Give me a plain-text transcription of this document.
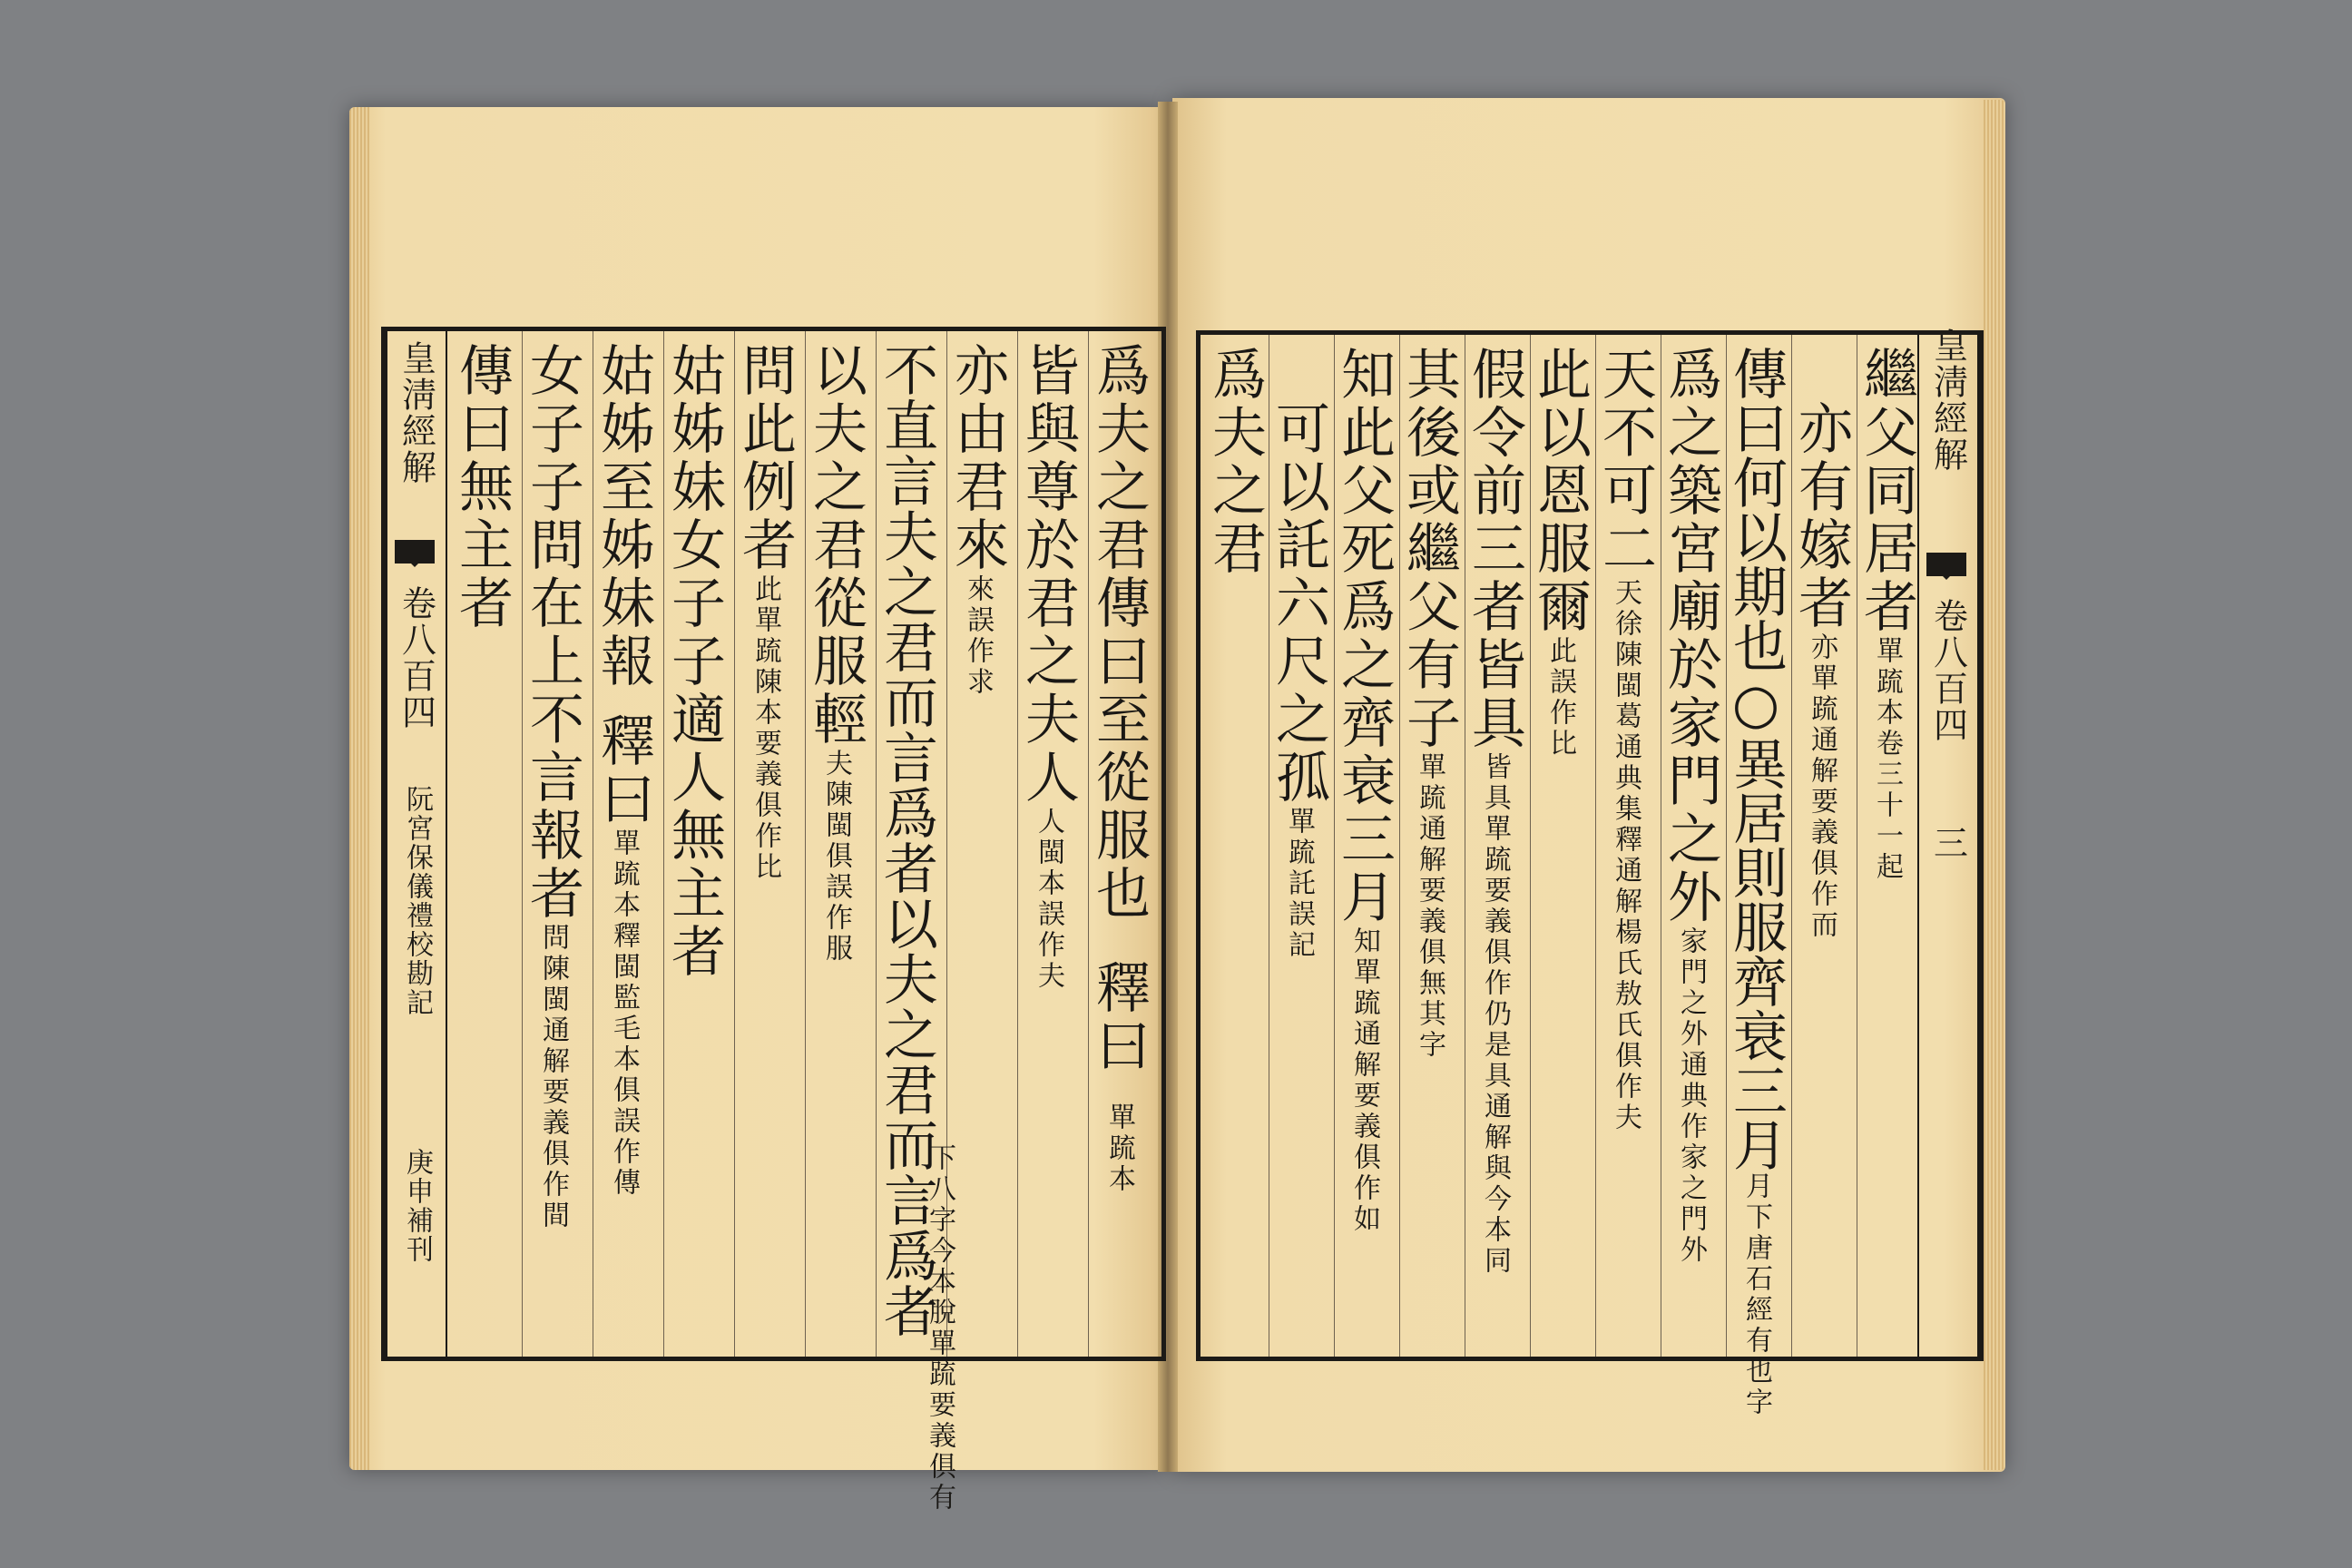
皇淸經解
卷八百四
阮宮保儀禮校勘記
庚申補刊
爲夫之君傳曰至從服也釋曰單䟽本
皆與尊於君之夫人人閩本誤作夫
亦由君來來誤作求
不直言夫之君而言爲者以夫之君而言爲者
以夫之君從服輕夫陳閩俱誤作服
問此例者此單䟽陳本要義俱作比
姑姊妹女子子適人無主者
姑姊至姊妹報釋曰單䟽本釋閩監毛本俱誤作傳
女子子問在上不言報者問陳閩通解要義俱作間
傳曰無主者
下八字今本脫單䟽要義俱有
皇淸經解
卷八百四
三
繼父同居者單䟽本卷三十一起
亦有嫁者亦單䟽通解要義俱作而
傳曰何以期也○異居則服齊衰三月月下唐石經有也字
爲之築宮廟於家門之外家門之外通典作家之門外
天不可二天徐陳閩葛通典集釋通解楊氏敖氏俱作夫
此以恩服爾此誤作比
假令前三者皆具皆具單䟽要義俱作仍是具通解與今本同
其後或繼父有子單䟽通解要義俱無其字
知此父死爲之齊衰三月知單䟽通解要義俱作如
可以託六尺之孤單䟽託誤記
爲夫之君
